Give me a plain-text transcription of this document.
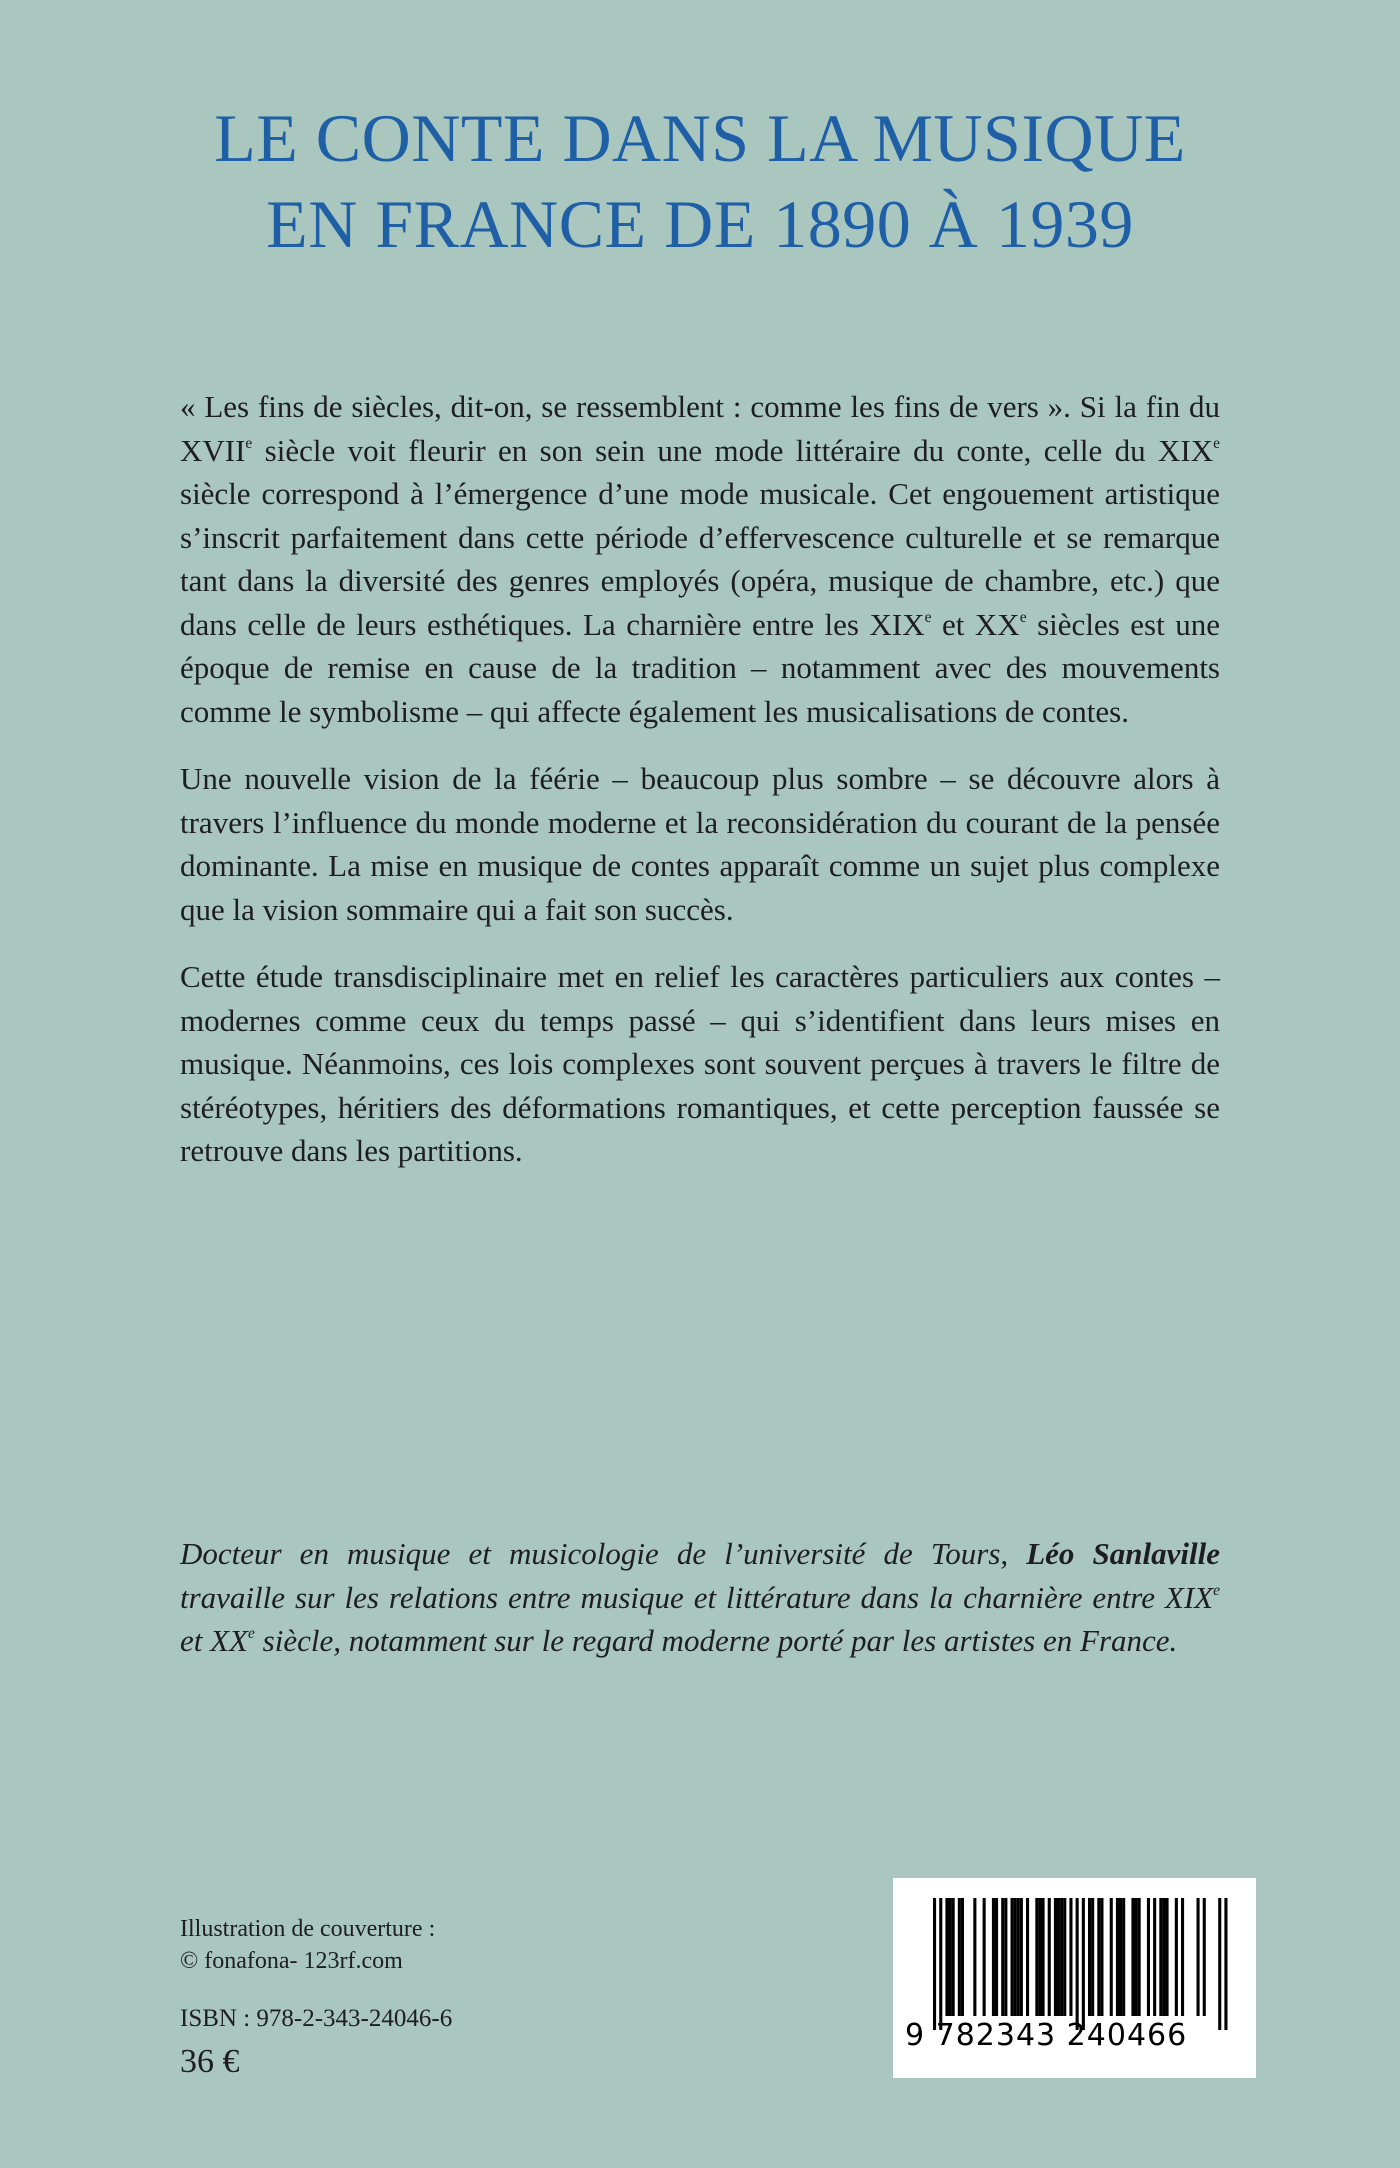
LE CONTE DANS LA MUSIQUE
EN FRANCE DE 1890 À 1939

« Les fins de siècles, dit-on, se ressemblent : comme les fins de vers ». Si la fin du XVIIe siècle voit fleurir en son sein une mode littéraire du conte, celle du XIXe siècle correspond à l’émergence d’une mode musicale. Cet engouement artistique s’inscrit parfaitement dans cette période d’effervescence culturelle et se remarque tant dans la diversité des genres employés (opéra, musique de chambre, etc.) que dans celle de leurs esthétiques. La charnière entre les XIXe et XXe siècles est une époque de remise en cause de la tradition – notamment avec des mouvements comme le symbolisme – qui affecte également les musicalisations de contes.

Une nouvelle vision de la féérie – beaucoup plus sombre – se découvre alors à travers l’influence du monde moderne et la reconsidération du courant de la pensée dominante. La mise en musique de contes apparaît comme un sujet plus complexe que la vision sommaire qui a fait son succès.

Cette étude transdisciplinaire met en relief les caractères particuliers aux contes – modernes comme ceux du temps passé – qui s’identifient dans leurs mises en musique. Néanmoins, ces lois complexes sont souvent perçues à travers le filtre de stéréotypes, héritiers des déformations romantiques, et cette perception faussée se retrouve dans les partitions.

Docteur en musique et musicologie de l’université de Tours, Léo Sanlaville travaille sur les relations entre musique et littérature dans la charnière entre XIXe et XXe siècle, notamment sur le regard moderne porté par les artistes en France.
Illustration de couverture :
© fonafona- 123rf.com
ISBN : 978-2-343-24046-6
36 €
9 782343 240466
